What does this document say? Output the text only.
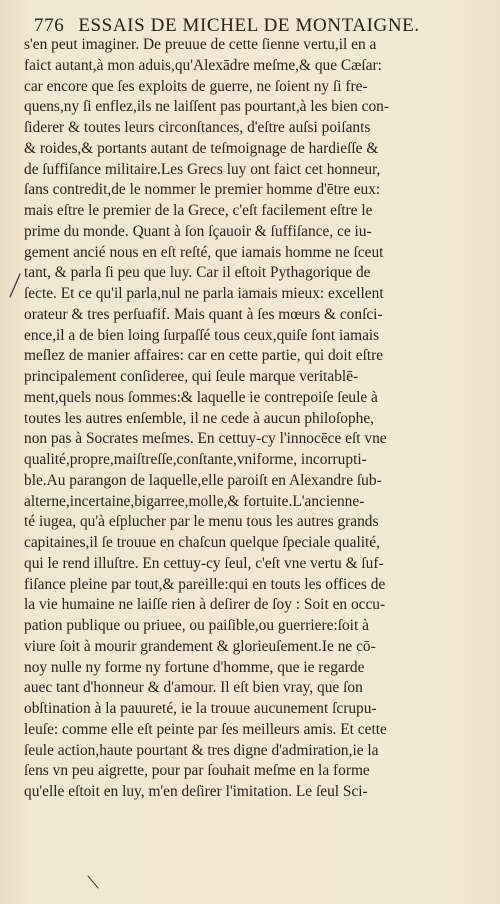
776 ESSAIS DE MICHEL DE MONTAIGNE.
s'en peut imaginer. De preuue de cette ſienne vertu,il en a
faict autant,à mon aduis,qu'Alexādre meſme,& que Cæſar:
car encore que ſes exploits de guerre, ne ſoient ny ſi fre-
quens,ny ſi enflez,ils ne laiſſent pas pourtant,à les bien con-
ſiderer & toutes leurs circonſtances, d'eſtre auſsi poiſants
& roides,& portants autant de teſmoignage de hardieſſe &
de ſuffiſance militaire.Les Grecs luy ont faict cet honneur,
ſans contredit,de le nommer le premier homme d'ētre eux:
mais eſtre le premier de la Grece, c'eſt facilement eſtre le
prime du monde. Quant à ſon ſçauoir & ſuffiſance, ce iu-
gement ancié nous en eſt reſté, que iamais homme ne ſceut
tant, & parla ſi peu que luy. Car il eſtoit Pythagorique de
ſecte. Et ce qu'il parla,nul ne parla iamais mieux: excellent
orateur & tres perſuafif. Mais quant à ſes mœurs & conſci-
ence,il a de bien loing ſurpaſſé tous ceux,quiſe ſont iamais
meſlez de manier affaires: car en cette partie, qui doit eſtre
principalement conſideree, qui ſeule marque veritablē-
ment,quels nous ſommes:& laquelle ie contrepoiſe ſeule à
toutes les autres enſemble, il ne cede à aucun philoſophe,
non pas à Socrates meſmes. En cettuy-cy l'innocēce eſt vne
qualité,propre,maiſtreſſe,conſtante,vniforme, incorrupti-
ble.Au parangon de laquelle,elle paroiſt en Alexandre ſub-
alterne,incertaine,bigarree,molle,& fortuite.L'ancienne-
té iugea, qu'à eſplucher par le menu tous les autres grands
capitaines,il ſe trouue en chaſcun quelque ſpeciale qualité,
qui le rend illuſtre. En cettuy-cy ſeul, c'eſt vne vertu & ſuf-
fiſance pleine par tout,& pareille:qui en touts les offices de
la vie humaine ne laiſſe rien à deſirer de ſoy : Soit en occu-
pation publique ou priuee, ou paiſible,ou guerriere:ſoit à
viure ſoit à mourir grandement & glorieuſement.Ie ne cō-
noy nulle ny forme ny fortune d'homme, que ie regarde
auec tant d'honneur & d'amour. Il eſt bien vray, que ſon
obſtination à la pauureté, ie la trouue aucunement ſcrupu-
leuſe: comme elle eſt peinte par ſes meilleurs amis. Et cette
ſeule action,haute pourtant & tres digne d'admiration,ie la
ſens vn peu aigrette, pour par ſouhait meſme en la forme
qu'elle eſtoit en luy, m'en deſirer l'imitation. Le ſeul Sci-
